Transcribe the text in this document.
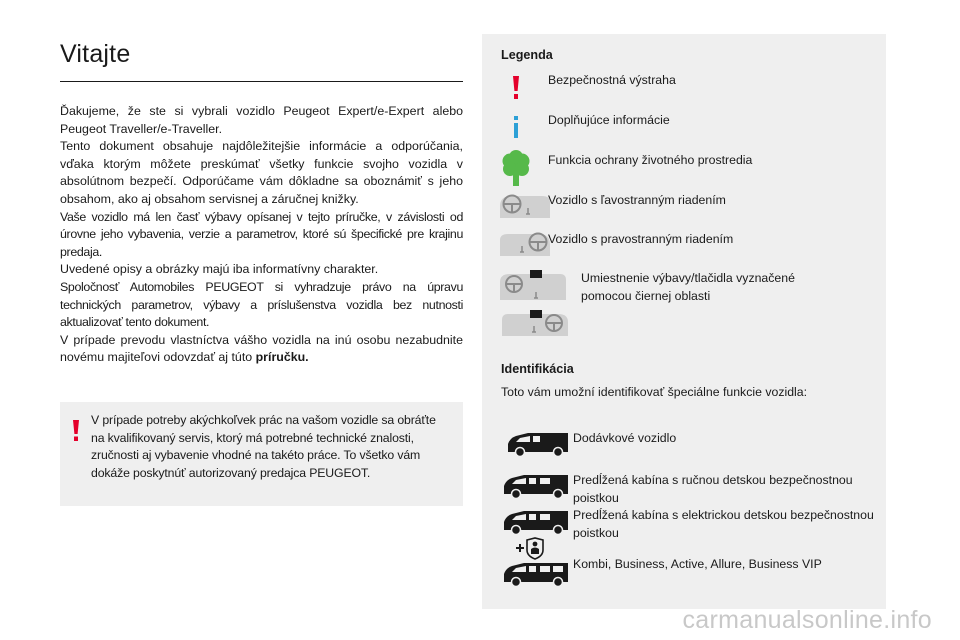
Vitajte

Ďakujeme, že ste si vybrali vozidlo Peugeot Expert/e-Expert alebo Peugeot Traveller/e-Traveller.

Tento dokument obsahuje najdôležitejšie informácie a odporúčania, vďaka ktorým môžete preskúmať všetky funkcie svojho vozidla v absolútnom bezpečí. Odporúčame vám dôkladne sa oboznámiť s jeho obsahom, ako aj obsahom servisnej a záručnej knižky.

Vaše vozidlo má len časť výbavy opísanej v tejto príručke, v závislosti od úrovne jeho vybavenia, verzie a parametrov, ktoré sú špecifické pre krajinu predaja.

Uvedené opisy a obrázky majú iba informatívny charakter.

Spoločnosť Automobiles PEUGEOT si vyhradzuje právo na úpravu technických parametrov, výbavy a príslušenstva vozidla bez nutnosti aktualizovať tento dokument.

V prípade prevodu vlastníctva vášho vozidla na inú osobu nezabudnite novému majiteľovi odovzdať aj túto príručku.

V prípade potreby akýchkoľvek prác na vašom vozidle sa obráťte na kvalifikovaný servis, ktorý má potrebné technické znalosti, zručnosti aj vybavenie vhodné na takéto práce. To všetko vám dokáže poskytnúť autorizovaný predajca PEUGEOT.
Legenda
Bezpečnostná výstraha
Doplňujúce informácie
Funkcia ochrany životného prostredia
Vozidlo s ľavostranným riadením
Vozidlo s pravostranným riadením
Umiestnenie výbavy/tlačidla vyznačené pomocou čiernej oblasti
Identifikácia
Toto vám umožní identifikovať špeciálne funkcie vozidla:
Dodávkové vozidlo
Predĺžená kabína s ručnou detskou bezpečnostnou poistkou
Predĺžená kabína s elektrickou detskou bezpečnostnou poistkou
Kombi, Business, Active, Allure, Business VIP
carmanualsonline.info
